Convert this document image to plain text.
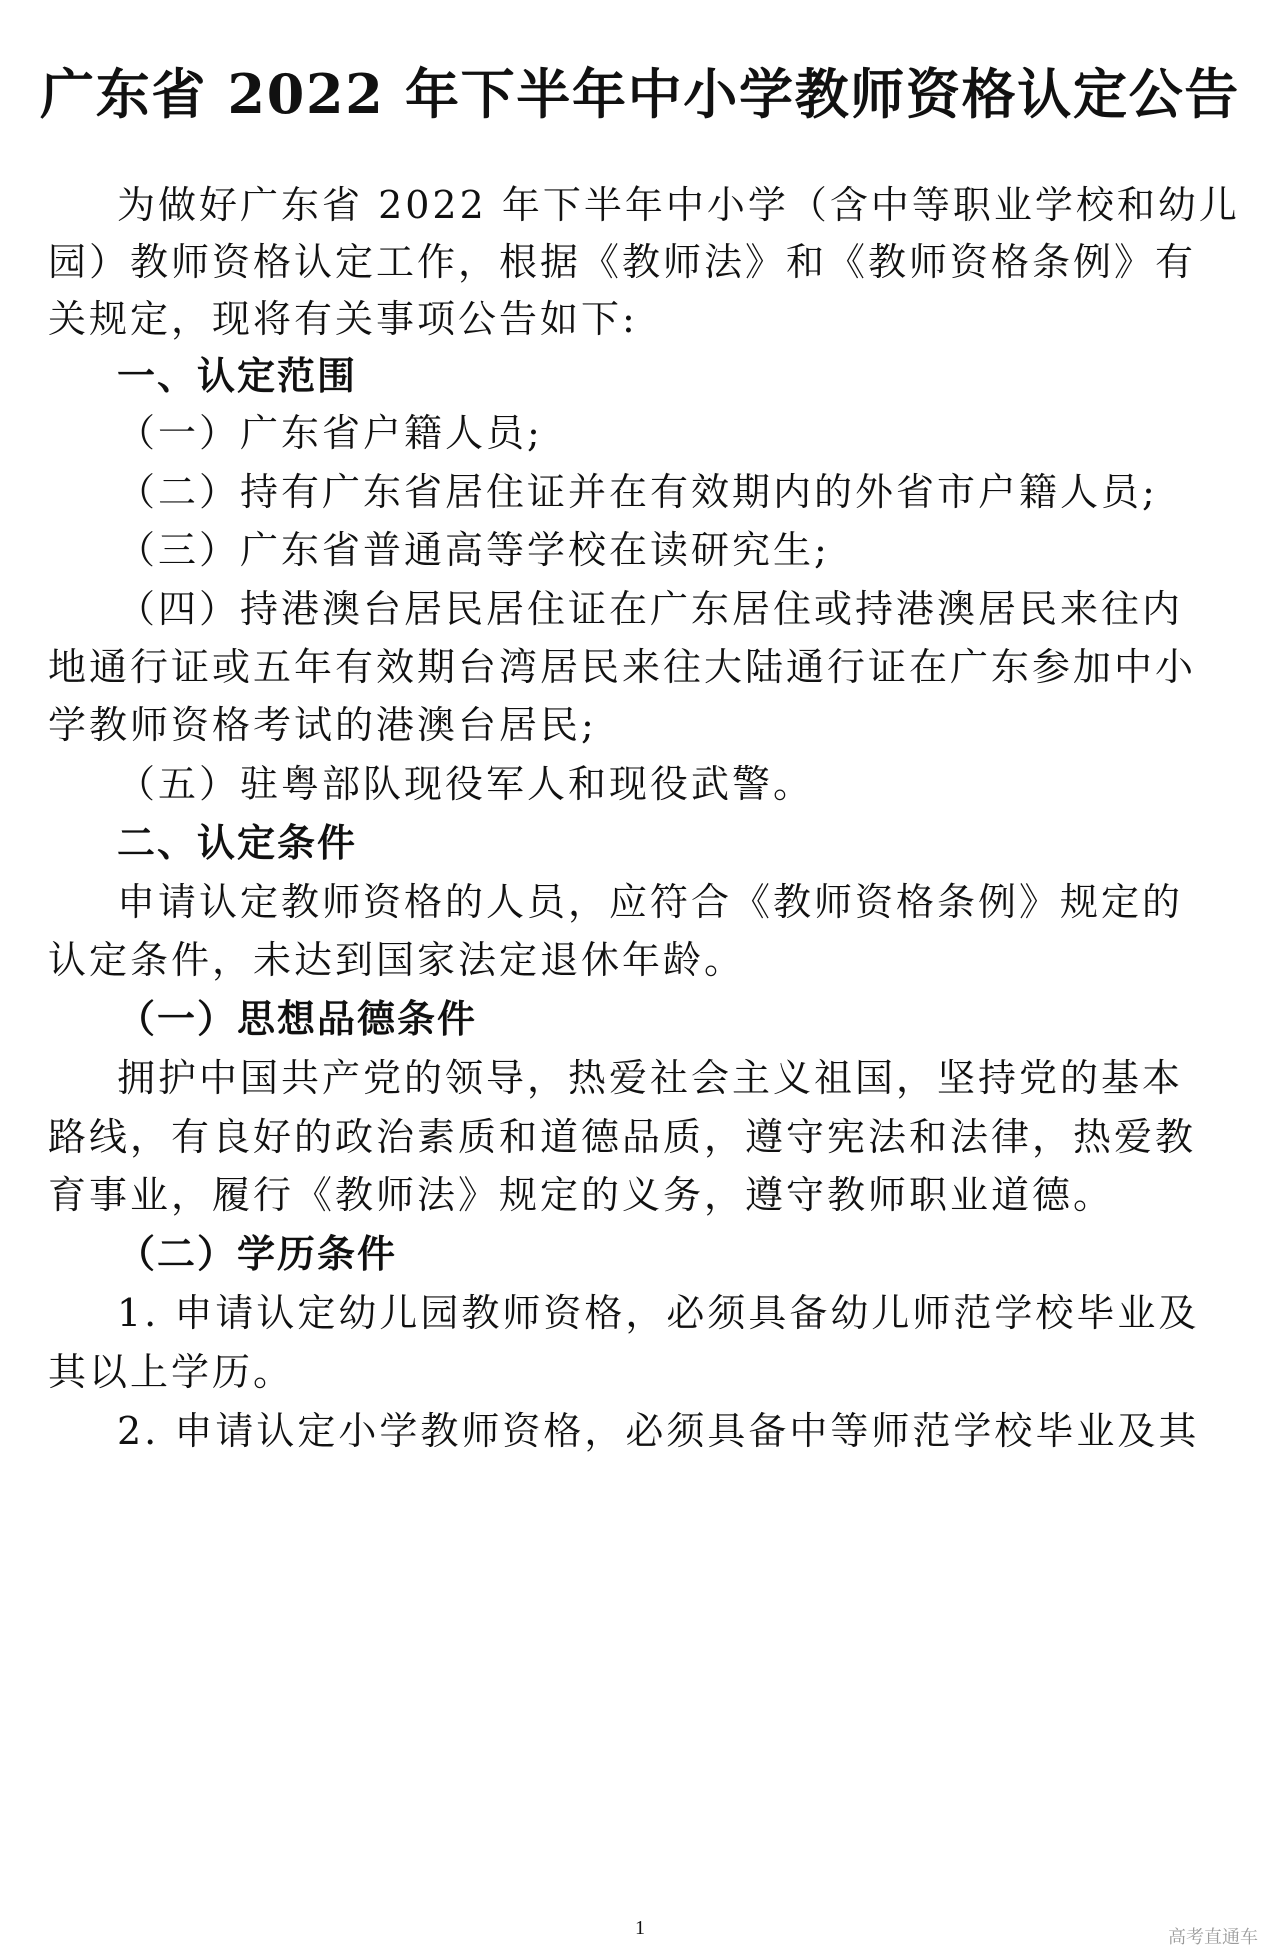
广东省 2022 年下半年中小学教师资格认定公告

为做好广东省 2022 年下半年中小学（含中等职业学校和幼儿

园）教师资格认定工作，根据《教师法》和《教师资格条例》有

关规定，现将有关事项公告如下:

一、认定范围

（一）广东省户籍人员;

（二）持有广东省居住证并在有效期内的外省市户籍人员;

（三）广东省普通高等学校在读研究生;

（四）持港澳台居民居住证在广东居住或持港澳居民来往内

地通行证或五年有效期台湾居民来往大陆通行证在广东参加中小

学教师资格考试的港澳台居民;

（五）驻粤部队现役军人和现役武警。

二、认定条件

申请认定教师资格的人员，应符合《教师资格条例》规定的

认定条件，未达到国家法定退休年龄。

（一）思想品德条件

拥护中国共产党的领导，热爱社会主义祖国，坚持党的基本

路线，有良好的政治素质和道德品质，遵守宪法和法律，热爱教

育事业，履行《教师法》规定的义务，遵守教师职业道德。

（二）学历条件

1. 申请认定幼儿园教师资格，必须具备幼儿师范学校毕业及

其以上学历。

2. 申请认定小学教师资格，必须具备中等师范学校毕业及其

1	高考直通车
